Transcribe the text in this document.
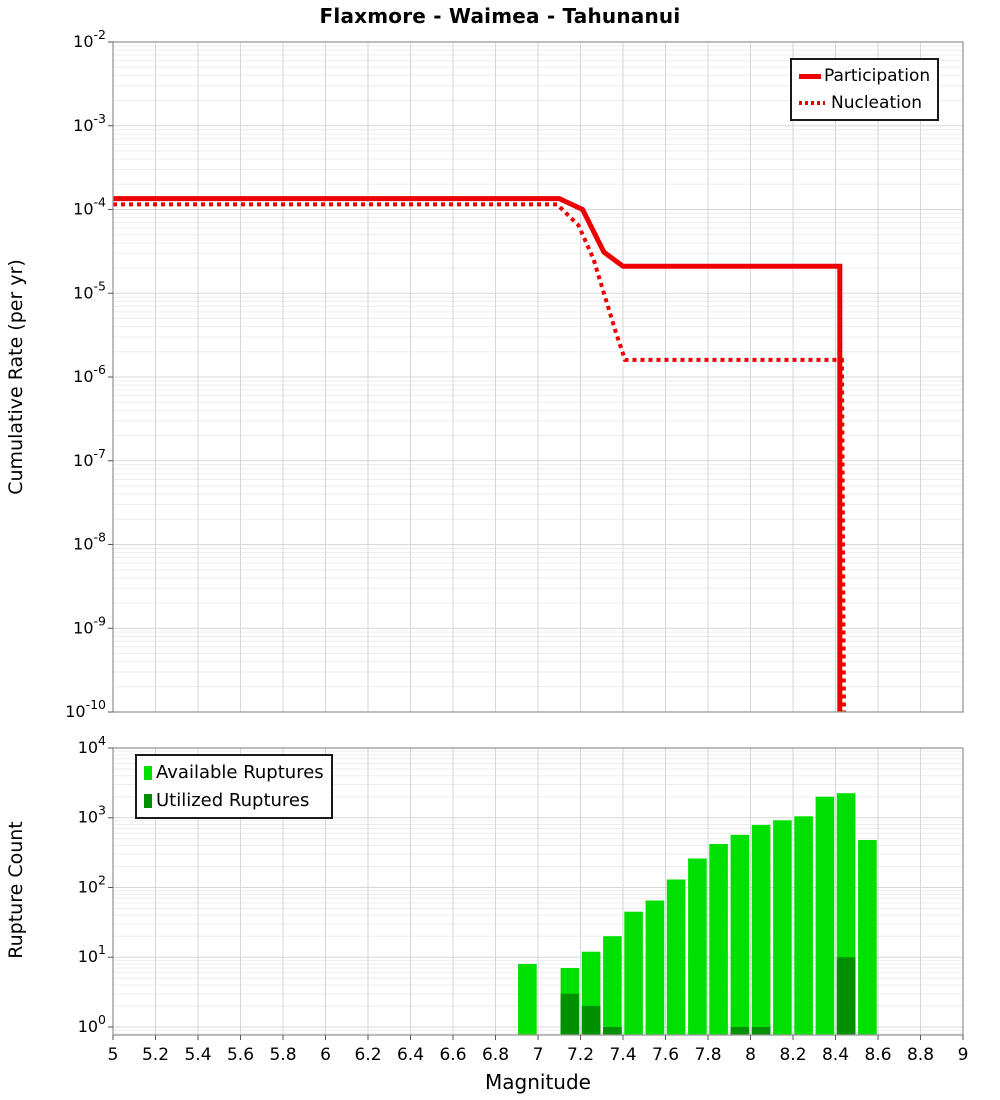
$10^{-2}$
$10^{-3}$
$10^{-4}$
$10^{-5}$
$10^{-6}$
$10^{-7}$
$10^{-8}$
$10^{-9}$
$10^{-10}$
$10^4$
$10^3$
$10^2$
$10^1$
$10^0$
5 5.2 5.4 5.6 5.8 6 6.2 6.4 6.6 6.8 7 7.2 7.4 7.6 7.8 8 8.2 8.4 8.6 8.8 9
Flaxmore - Waimea - Tahunanui
Cumulative Rate (per yr)
Rupture Count
Magnitude
Participation
Nucleation
Available Ruptures
Utilized Ruptures
